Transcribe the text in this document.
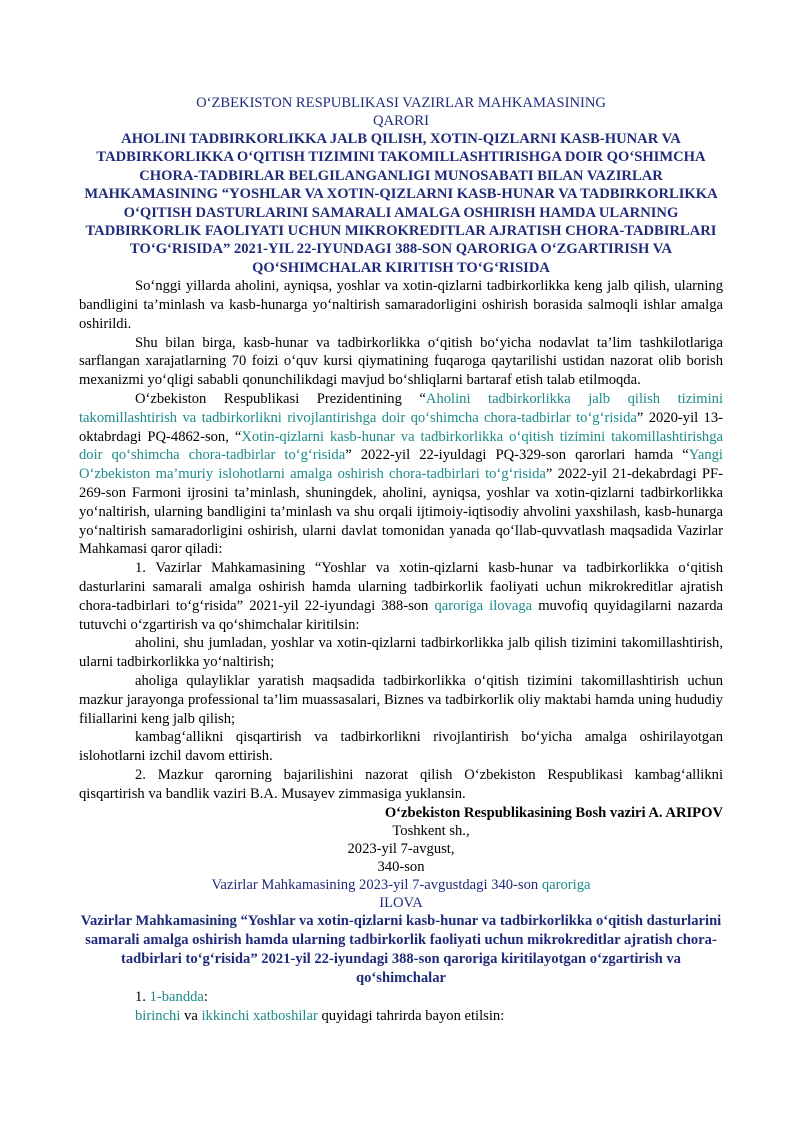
O‘ZBEKISTON RESPUBLIKASI VAZIRLAR MAHKAMASINING
QARORI
AHOLINI TADBIRKORLIKKA JALB QILISH, XOTIN-QIZLARNI KASB-HUNAR VA TADBIRKORLIKKA O‘QITISH TIZIMINI TAKOMILLASHTIRISHGA DOIR QO‘SHIMCHA CHORA-TADBIRLAR BELGILANGANLIGI MUNOSABATI BILAN VAZIRLAR MAHKAMASINING “YOSHLAR VA XOTIN-QIZLARNI KASB-HUNAR VA TADBIRKORLIKKA O‘QITISH DASTURLARINI SAMARALI AMALGA OSHIRISH HAMDA ULARNING TADBIRKORLIK FAOLIYATI UCHUN MIKROKREDITLAR AJRATISH CHORA-TADBIRLARI TO‘G‘RISIDA” 2021-YIL 22-IYUNDAGI 388-SON QARORIGA O‘ZGARTIRISH VA QO‘SHIMCHALAR KIRITISH TO‘G‘RISIDA

So‘nggi yillarda aholini, ayniqsa, yoshlar va xotin-qizlarni tadbirkorlikka keng jalb qilish, ularning bandligini ta’minlash va kasb-hunarga yo‘naltirish samaradorligini oshirish borasida salmoqli ishlar amalga oshirildi.

Shu bilan birga, kasb-hunar va tadbirkorlikka o‘qitish bo‘yicha nodavlat ta’lim tashkilotlariga sarflangan xarajatlarning 70 foizi o‘quv kursi qiymatining fuqaroga qaytarilishi ustidan nazorat olib borish mexanizmi yo‘qligi sababli qonunchilikdagi mavjud bo‘shliqlarni bartaraf etish talab etilmoqda.

O‘zbekiston Respublikasi Prezidentining “Aholini tadbirkorlikka jalb qilish tizimini takomillashtirish va tadbirkorlikni rivojlantirishga doir qo‘shimcha chora-tadbirlar to‘g‘risida” 2020-yil 13-oktabrdagi PQ-4862-son, “Xotin-qizlarni kasb-hunar va tadbirkorlikka o‘qitish tizimini takomillashtirishga doir qo‘shimcha chora-tadbirlar to‘g‘risida” 2022-yil 22-iyuldagi PQ-329-son qarorlari hamda “Yangi O‘zbekiston ma’muriy islohotlarni amalga oshirish chora-tadbirlari to‘g‘risida” 2022-yil 21-dekabrdagi PF-269-son Farmoni ijrosini ta’minlash, shuningdek, aholini, ayniqsa, yoshlar va xotin-qizlarni tadbirkorlikka yo‘naltirish, ularning bandligini ta’minlash va shu orqali ijtimoiy-iqtisodiy ahvolini yaxshilash, kasb-hunarga yo‘naltirish samaradorligini oshirish, ularni davlat tomonidan yanada qo‘llab-quvvatlash maqsadida Vazirlar Mahkamasi qaror qiladi:

1. Vazirlar Mahkamasining “Yoshlar va xotin-qizlarni kasb-hunar va tadbirkorlikka o‘qitish dasturlarini samarali amalga oshirish hamda ularning tadbirkorlik faoliyati uchun mikrokreditlar ajratish chora-tadbirlari to‘g‘risida” 2021-yil 22-iyundagi 388-son qaroriga ilovaga muvofiq quyidagilarni nazarda tutuvchi o‘zgartirish va qo‘shimchalar kiritilsin:

aholini, shu jumladan, yoshlar va xotin-qizlarni tadbirkorlikka jalb qilish tizimini takomillashtirish, ularni tadbirkorlikka yo‘naltirish;

aholiga qulayliklar yaratish maqsadida tadbirkorlikka o‘qitish tizimini takomillashtirish uchun mazkur jarayonga professional ta’lim muassasalari, Biznes va tadbirkorlik oliy maktabi hamda uning hududiy filiallarini keng jalb qilish;

kambag‘allikni qisqartirish va tadbirkorlikni rivojlantirish bo‘yicha amalga oshirilayotgan islohotlarni izchil davom ettirish.

2. Mazkur qarorning bajarilishini nazorat qilish O‘zbekiston Respublikasi kambag‘allikni qisqartirish va bandlik vaziri B.A. Musayev zimmasiga yuklansin.

O‘zbekiston Respublikasining Bosh vaziri A. ARIPOV
Toshkent sh.,
2023-yil 7-avgust,
340-son
Vazirlar Mahkamasining 2023-yil 7-avgustdagi 340-son qaroriga
ILOVA
Vazirlar Mahkamasining “Yoshlar va xotin-qizlarni kasb-hunar va tadbirkorlikka o‘qitish dasturlarini samarali amalga oshirish hamda ularning tadbirkorlik faoliyati uchun mikrokreditlar ajratish chora-tadbirlari to‘g‘risida” 2021-yil 22-iyundagi 388-son qaroriga kiritilayotgan o‘zgartirish va qo‘shimchalar

1. 1-bandda:

birinchi va ikkinchi xatboshilar quyidagi tahrirda bayon etilsin:
